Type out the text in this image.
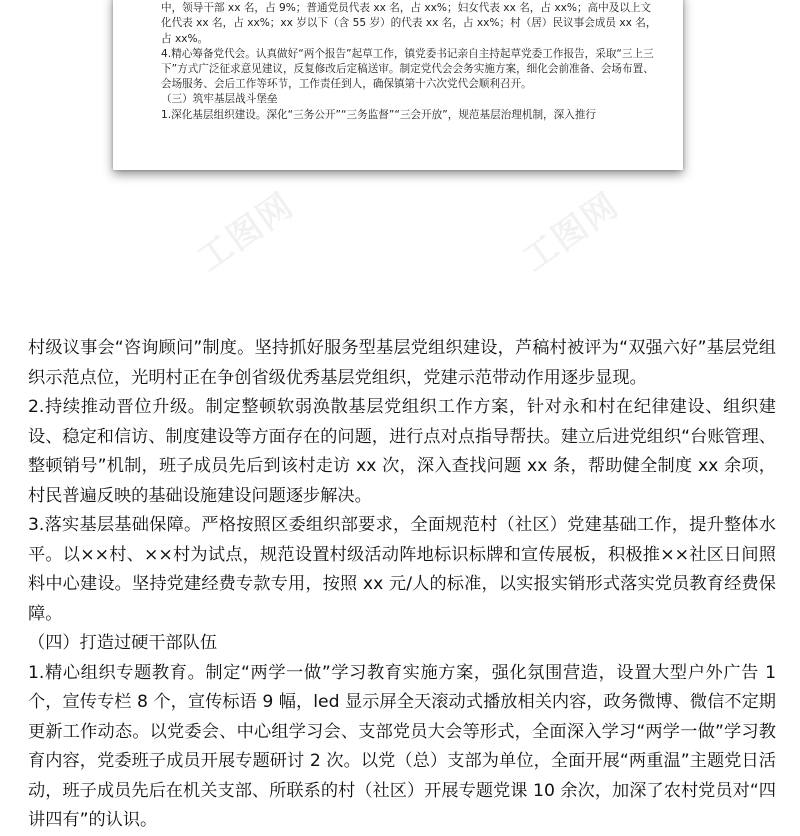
中，领导干部 xx 名，占 9%；普通党员代表 xx 名，占 xx%；妇女代表 xx 名，占 xx%；高中及以上文化代表 xx 名，占 xx%；xx 岁以下（含 55 岁）的代表 xx 名，占 xx%；村（居）民议事会成员 xx 名，占 xx%。

4.精心筹备党代会。认真做好“两个报告”起草工作，镇党委书记亲自主持起草党委工作报告，采取“三上三下”方式广泛征求意见建议，反复修改后定稿送审。制定党代会会务实施方案，细化会前准备、会场布置、会场服务、会后工作等环节，工作责任到人，确保镇第十六次党代会顺利召开。

（三）筑牢基层战斗堡垒

1.深化基层组织建设。深化“三务公开”“三务监督”“三会开放”，规范基层治理机制，深入推行

工图网	工图网

村级议事会“咨询顾问”制度。坚持抓好服务型基层党组织建设，芦稿村被评为“双强六好”基层党组织示范点位，光明村正在争创省级优秀基层党组织，党建示范带动作用逐步显现。

2.持续推动晋位升级。制定整顿软弱涣散基层党组织工作方案，针对永和村在纪律建设、组织建设、稳定和信访、制度建设等方面存在的问题，进行点对点指导帮扶。建立后进党组织“台账管理、整顿销号”机制，班子成员先后到该村走访 xx 次，深入查找问题 xx 条，帮助健全制度 xx 余项，村民普遍反映的基础设施建设问题逐步解决。

3.落实基层基础保障。严格按照区委组织部要求，全面规范村（社区）党建基础工作，提升整体水平。以××村、××村为试点，规范设置村级活动阵地标识标牌和宣传展板，积极推××社区日间照料中心建设。坚持党建经费专款专用，按照 xx 元/人的标准，以实报实销形式落实党员教育经费保障。

（四）打造过硬干部队伍

1.精心组织专题教育。制定“两学一做”学习教育实施方案，强化氛围营造，设置大型户外广告 1 个，宣传专栏 8 个，宣传标语 9 幅，led 显示屏全天滚动式播放相关内容，政务微博、微信不定期更新工作动态。以党委会、中心组学习会、支部党员大会等形式，全面深入学习“两学一做”学习教育内容，党委班子成员开展专题研讨 2 次。以党（总）支部为单位，全面开展“两重温”主题党日活动，班子成员先后在机关支部、所联系的村（社区）开展专题党课 10 余次，加深了农村党员对“四讲四有”的认识。
